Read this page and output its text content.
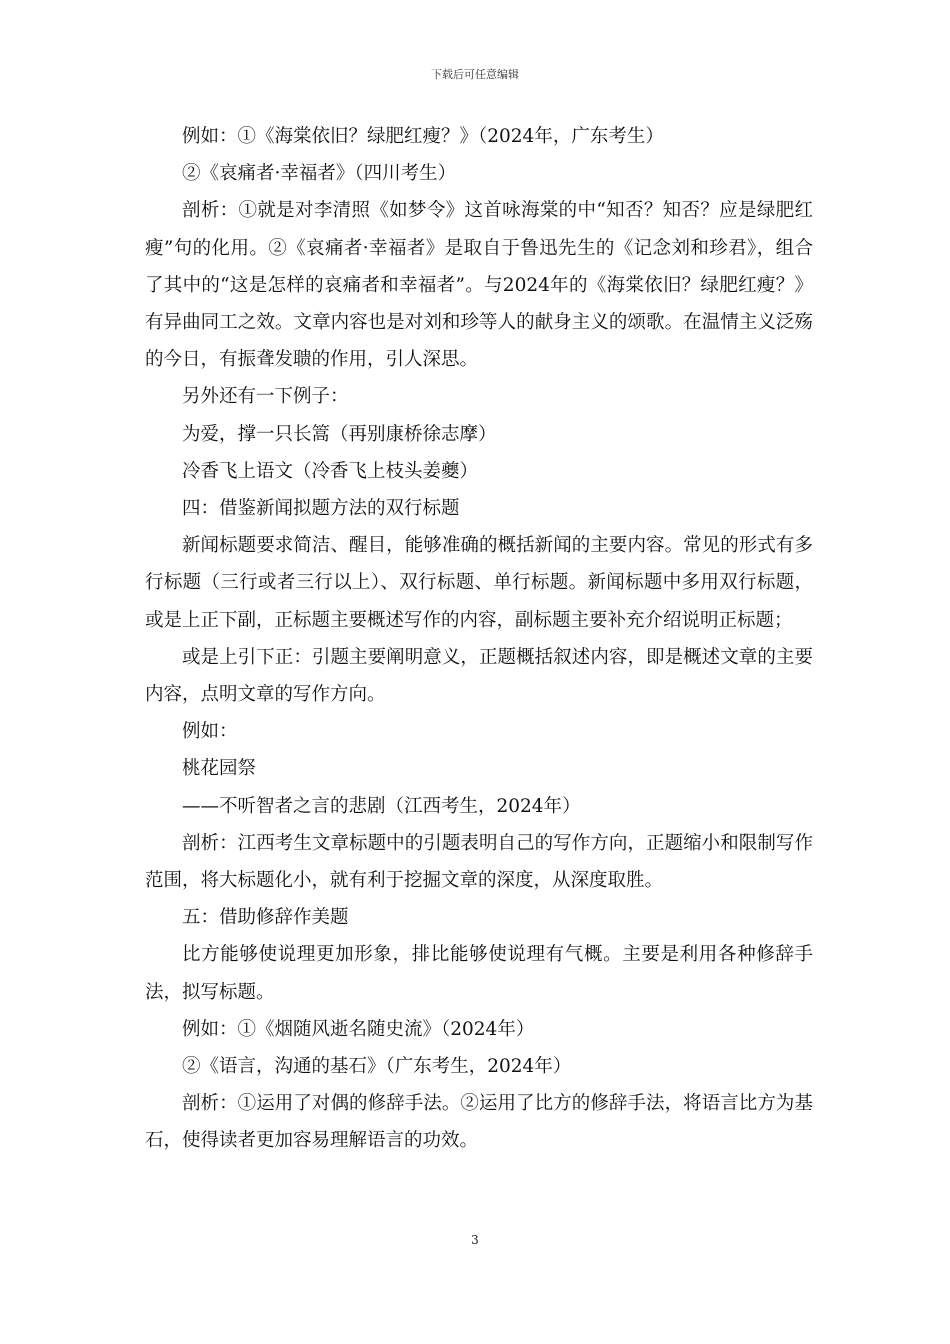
下载后可任意编辑

例如：①《海棠依旧？绿肥红瘦？》（2024年，广东考生）

②《哀痛者·幸福者》（四川考生）

剖析：①就是对李清照《如梦令》这首咏海棠的中“知否？知否？应是绿肥红瘦”句的化用。②《哀痛者·幸福者》是取自于鲁迅先生的《记念刘和珍君》，组合了其中的“这是怎样的哀痛者和幸福者”。与2024年的《海棠依旧？绿肥红瘦？》有异曲同工之效。文章内容也是对刘和珍等人的献身主义的颂歌。在温情主义泛殇的今日，有振聋发聩的作用，引人深思。

另外还有一下例子：

为爱，撑一只长篙（再别康桥徐志摩）

冷香飞上语文（冷香飞上枝头姜夔）

四：借鉴新闻拟题方法的双行标题

新闻标题要求简洁、醒目，能够准确的概括新闻的主要内容。常见的形式有多行标题（三行或者三行以上）、双行标题、单行标题。新闻标题中多用双行标题，或是上正下副，正标题主要概述写作的内容，副标题主要补充介绍说明正标题；

或是上引下正：引题主要阐明意义，正题概括叙述内容，即是概述文章的主要内容，点明文章的写作方向。

例如：

桃花园祭

——不听智者之言的悲剧（江西考生，2024年）

剖析：江西考生文章标题中的引题表明自己的写作方向，正题缩小和限制写作范围，将大标题化小，就有利于挖掘文章的深度，从深度取胜。

五：借助修辞作美题

比方能够使说理更加形象，排比能够使说理有气概。主要是利用各种修辞手法，拟写标题。

例如：①《烟随风逝名随史流》（2024年）

②《语言，沟通的基石》（广东考生，2024年）

剖析：①运用了对偶的修辞手法。②运用了比方的修辞手法，将语言比方为基石，使得读者更加容易理解语言的功效。

3
